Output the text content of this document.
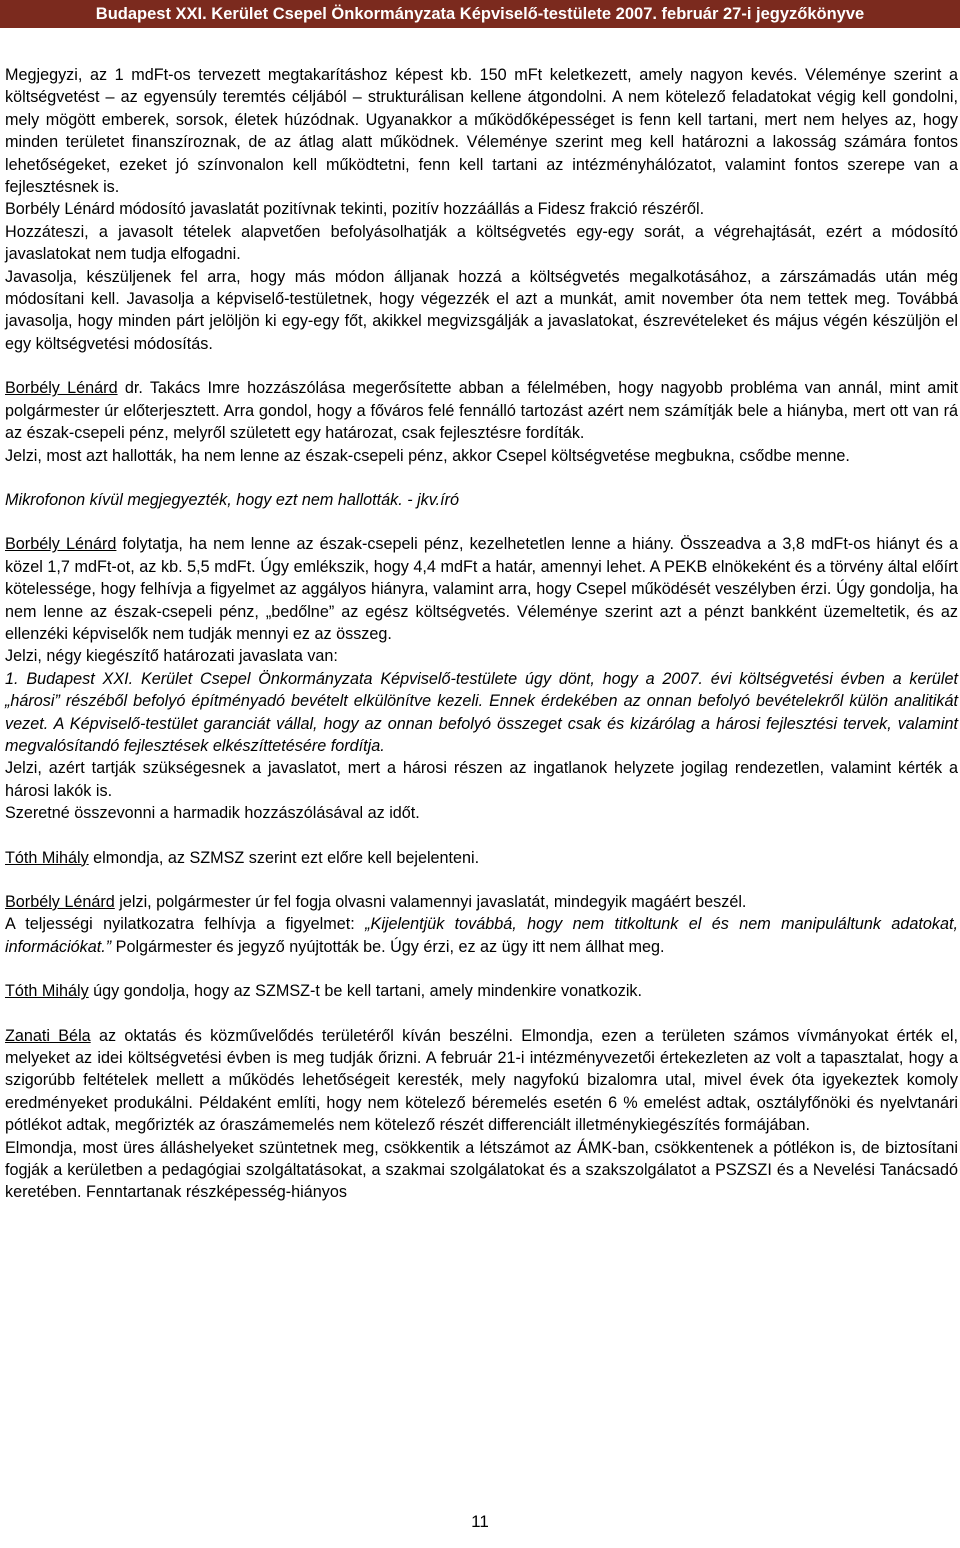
Budapest XXI. Kerület Csepel Önkormányzata Képviselő-testülete 2007. február 27-i jegyzőkönyve

Megjegyzi, az 1 mdFt-os tervezett megtakarításhoz képest kb. 150 mFt keletkezett, amely nagyon kevés. Véleménye szerint a költségvetést – az egyensúly teremtés céljából – strukturálisan kellene átgondolni. A nem kötelező feladatokat végig kell gondolni, mely mögött emberek, sorsok, életek húzódnak. Ugyanakkor a működőképességet is fenn kell tartani, mert nem helyes az, hogy minden területet finanszíroznak, de az átlag alatt működnek. Véleménye szerint meg kell határozni a lakosság számára fontos lehetőségeket, ezeket jó színvonalon kell működtetni, fenn kell tartani az intézményhálózatot, valamint fontos szerepe van a fejlesztésnek is.

Borbély Lénárd módosító javaslatát pozitívnak tekinti, pozitív hozzáállás a Fidesz frakció részéről.

Hozzáteszi, a javasolt tételek alapvetően befolyásolhatják a költségvetés egy-egy sorát, a végrehajtását, ezért a módosító javaslatokat nem tudja elfogadni.

Javasolja, készüljenek fel arra, hogy más módon álljanak hozzá a költségvetés megalkotásához, a zárszámadás után még módosítani kell. Javasolja a képviselő-testületnek, hogy végezzék el azt a munkát, amit november óta nem tettek meg. Továbbá javasolja, hogy minden párt jelöljön ki egy-egy főt, akikkel megvizsgálják a javaslatokat, észrevételeket és május végén készüljön el egy költségvetési módosítás.

Borbély Lénárd dr. Takács Imre hozzászólása megerősítette abban a félelmében, hogy nagyobb probléma van annál, mint amit polgármester úr előterjesztett. Arra gondol, hogy a főváros felé fennálló tartozást azért nem számítják bele a hiányba, mert ott van rá az észak-csepeli pénz, melyről született egy határozat, csak fejlesztésre fordíták.

Jelzi, most azt hallották, ha nem lenne az észak-csepeli pénz, akkor Csepel költségvetése megbukna, csődbe menne.

Mikrofonon kívül megjegyezték, hogy ezt nem hallották. - jkv.író

Borbély Lénárd folytatja, ha nem lenne az észak-csepeli pénz, kezelhetetlen lenne a hiány. Összeadva a 3,8 mdFt-os hiányt és a közel 1,7 mdFt-ot, az kb. 5,5 mdFt. Úgy emlékszik, hogy 4,4 mdFt a határ, amennyi lehet. A PEKB elnökeként és a törvény által előírt kötelessége, hogy felhívja a figyelmet az aggályos hiányra, valamint arra, hogy Csepel működését veszélyben érzi. Úgy gondolja, ha nem lenne az észak-csepeli pénz, „bedőlne” az egész költségvetés. Véleménye szerint azt a pénzt bankként üzemeltetik, és az ellenzéki képviselők nem tudják mennyi ez az összeg.

Jelzi, négy kiegészítő határozati javaslata van:

1. Budapest XXI. Kerület Csepel Önkormányzata Képviselő-testülete úgy dönt, hogy a 2007. évi költségvetési évben a kerület „hárosi” részéből befolyó építményadó bevételt elkülönítve kezeli. Ennek érdekében az onnan befolyó bevételekről külön analitikát vezet. A Képviselő-testület garanciát vállal, hogy az onnan befolyó összeget csak és kizárólag a hárosi fejlesztési tervek, valamint megvalósítandó fejlesztések elkészíttetésére fordítja.

Jelzi, azért tartják szükségesnek a javaslatot, mert a hárosi részen az ingatlanok helyzete jogilag rendezetlen, valamint kérték a hárosi lakók is.

Szeretné összevonni a harmadik hozzászólásával az időt.

Tóth Mihály elmondja, az SZMSZ szerint ezt előre kell bejelenteni.

Borbély Lénárd jelzi, polgármester úr fel fogja olvasni valamennyi javaslatát, mindegyik magáért beszél.

A teljességi nyilatkozatra felhívja a figyelmet: „Kijelentjük továbbá, hogy nem titkoltunk el és nem manipuláltunk adatokat, információkat.” Polgármester és jegyző nyújtották be. Úgy érzi, ez az ügy itt nem állhat meg.

Tóth Mihály úgy gondolja, hogy az SZMSZ-t be kell tartani, amely mindenkire vonatkozik.

Zanati Béla az oktatás és közművelődés területéről kíván beszélni. Elmondja, ezen a területen számos vívmányokat érték el, melyeket az idei költségvetési évben is meg tudják őrizni. A február 21-i intézményvezetői értekezleten az volt a tapasztalat, hogy a szigorúbb feltételek mellett a működés lehetőségeit keresték, mely nagyfokú bizalomra utal, mivel évek óta igyekeztek komoly eredményeket produkálni. Példaként említi, hogy nem kötelező béremelés esetén 6 % emelést adtak, osztályfőnöki és nyelvtanári pótlékot adtak, megőrizték az óraszámemelés nem kötelező részét differenciált illetménykiegészítés formájában.

Elmondja, most üres álláshelyeket szüntetnek meg, csökkentik a létszámot az ÁMK-ban, csökkentenek a pótlékon is, de biztosítani fogják a kerületben a pedagógiai szolgáltatásokat, a szakmai szolgálatokat és a szakszolgálatot a PSZSZI és a Nevelési Tanácsadó keretében. Fenntartanak részképesség-hiányos

11
